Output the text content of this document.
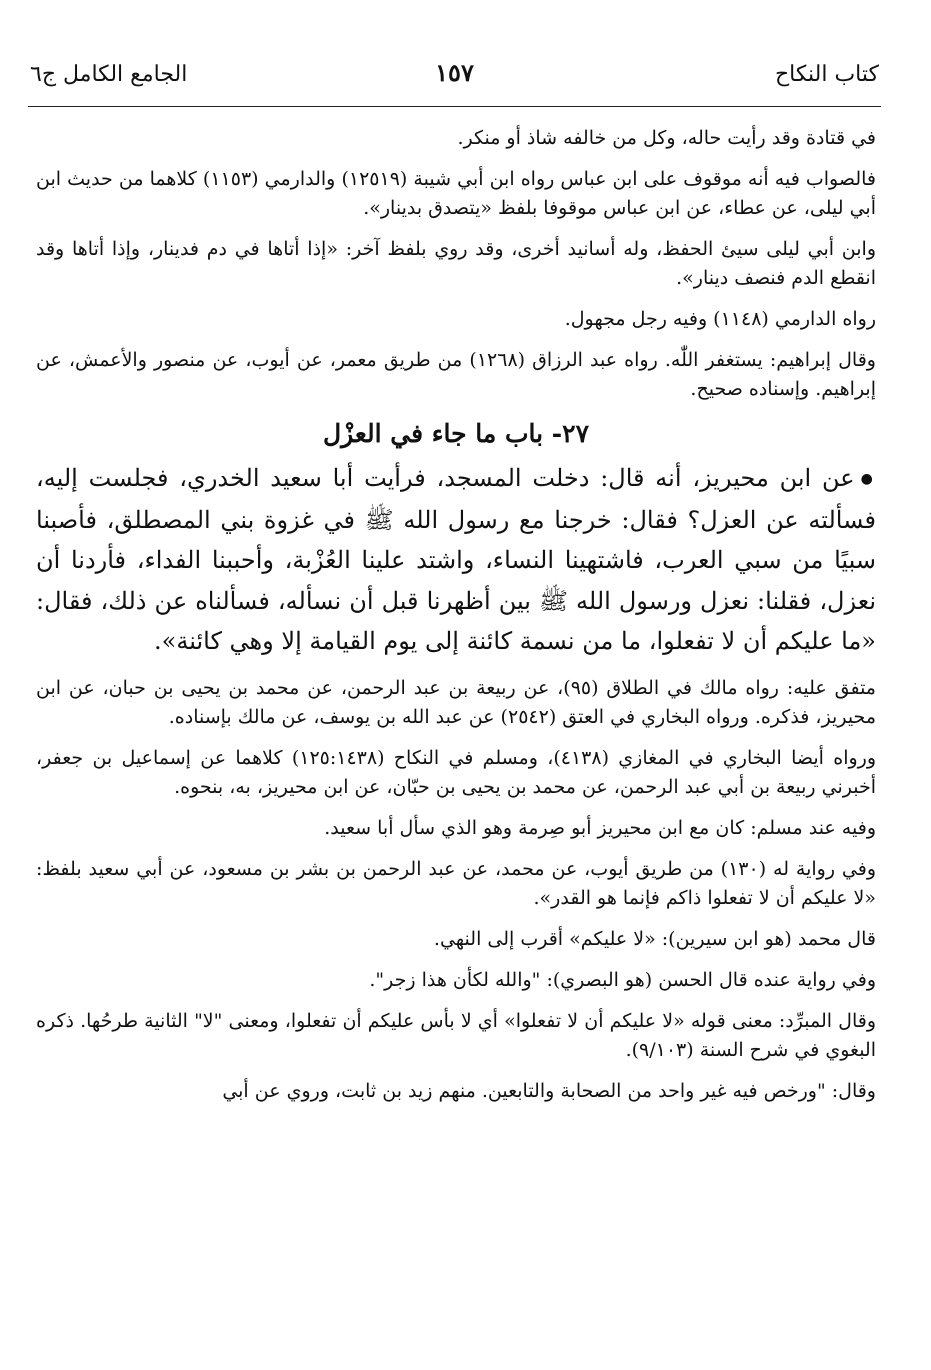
كتاب النكاح
١٥٧
الجامع الكامل ج٦

في قتادة وقد رأيت حاله، وكل من خالفه شاذ أو منكر.

فالصواب فيه أنه موقوف على ابن عباس رواه ابن أبي شيبة (١٢٥١٩) والدارمي (١١٥٣) كلاهما من حديث ابن أبي ليلى، عن عطاء، عن ابن عباس موقوفا بلفظ «يتصدق بدينار».

وابن أبي ليلى سيئ الحفظ، وله أسانيد أخرى، وقد روي بلفظ آخر: «إذا أتاها في دم فدينار، وإذا أتاها وقد انقطع الدم فنصف دينار».

رواه الدارمي (١١٤٨) وفيه رجل مجهول.

وقال إبراهيم: يستغفر اللّٰه. رواه عبد الرزاق (١٢٦٨) من طريق معمر، عن أيوب، عن منصور والأعمش، عن إبراهيم. وإسناده صحيح.

٢٧- باب ما جاء في العزْل

●عن ابن محيريز، أنه قال: دخلت المسجد، فرأيت أبا سعيد الخدري، فجلست إليه، فسألته عن العزل؟ فقال: خرجنا مع رسول الله ﷺ في غزوة بني المصطلق، فأصبنا سبيًا من سبي العرب، فاشتهينا النساء، واشتد علينا العُزْبة، وأحببنا الفداء، فأردنا أن نعزل، فقلنا: نعزل ورسول الله ﷺ بين أظهرنا قبل أن نسأله، فسألناه عن ذلك، فقال: «ما عليكم أن لا تفعلوا، ما من نسمة كائنة إلى يوم القيامة إلا وهي كائنة».

متفق عليه: رواه مالك في الطلاق (٩٥)، عن ربيعة بن عبد الرحمن، عن محمد بن يحيى بن حبان، عن ابن محيريز، فذكره. ورواه البخاري في العتق (٢٥٤٢) عن عبد الله بن يوسف، عن مالك بإسناده.

ورواه أيضا البخاري في المغازي (٤١٣٨)، ومسلم في النكاح (١٢٥:١٤٣٨) كلاهما عن إسماعيل بن جعفر، أخبرني ربيعة بن أبي عبد الرحمن، عن محمد بن يحيى بن حبّان، عن ابن محيريز، به، بنحوه.

وفيه عند مسلم: كان مع ابن محيريز أبو صِرمة وهو الذي سأل أبا سعيد.

وفي رواية له (١٣٠) من طريق أيوب، عن محمد، عن عبد الرحمن بن بشر بن مسعود، عن أبي سعيد بلفظ: «لا عليكم أن لا تفعلوا ذاكم فإنما هو القدر».

قال محمد (هو ابن سيرين): «لا عليكم» أقرب إلى النهي.

وفي رواية عنده قال الحسن (هو البصري): "والله لكأن هذا زجر".

وقال المبرِّد: معنى قوله «لا عليكم أن لا تفعلوا» أي لا بأس عليكم أن تفعلوا، ومعنى "لا" الثانية طرحُها. ذكره البغوي في شرح السنة (٩/١٠٣).

وقال: "ورخص فيه غير واحد من الصحابة والتابعين. منهم زيد بن ثابت، وروي عن أبي
